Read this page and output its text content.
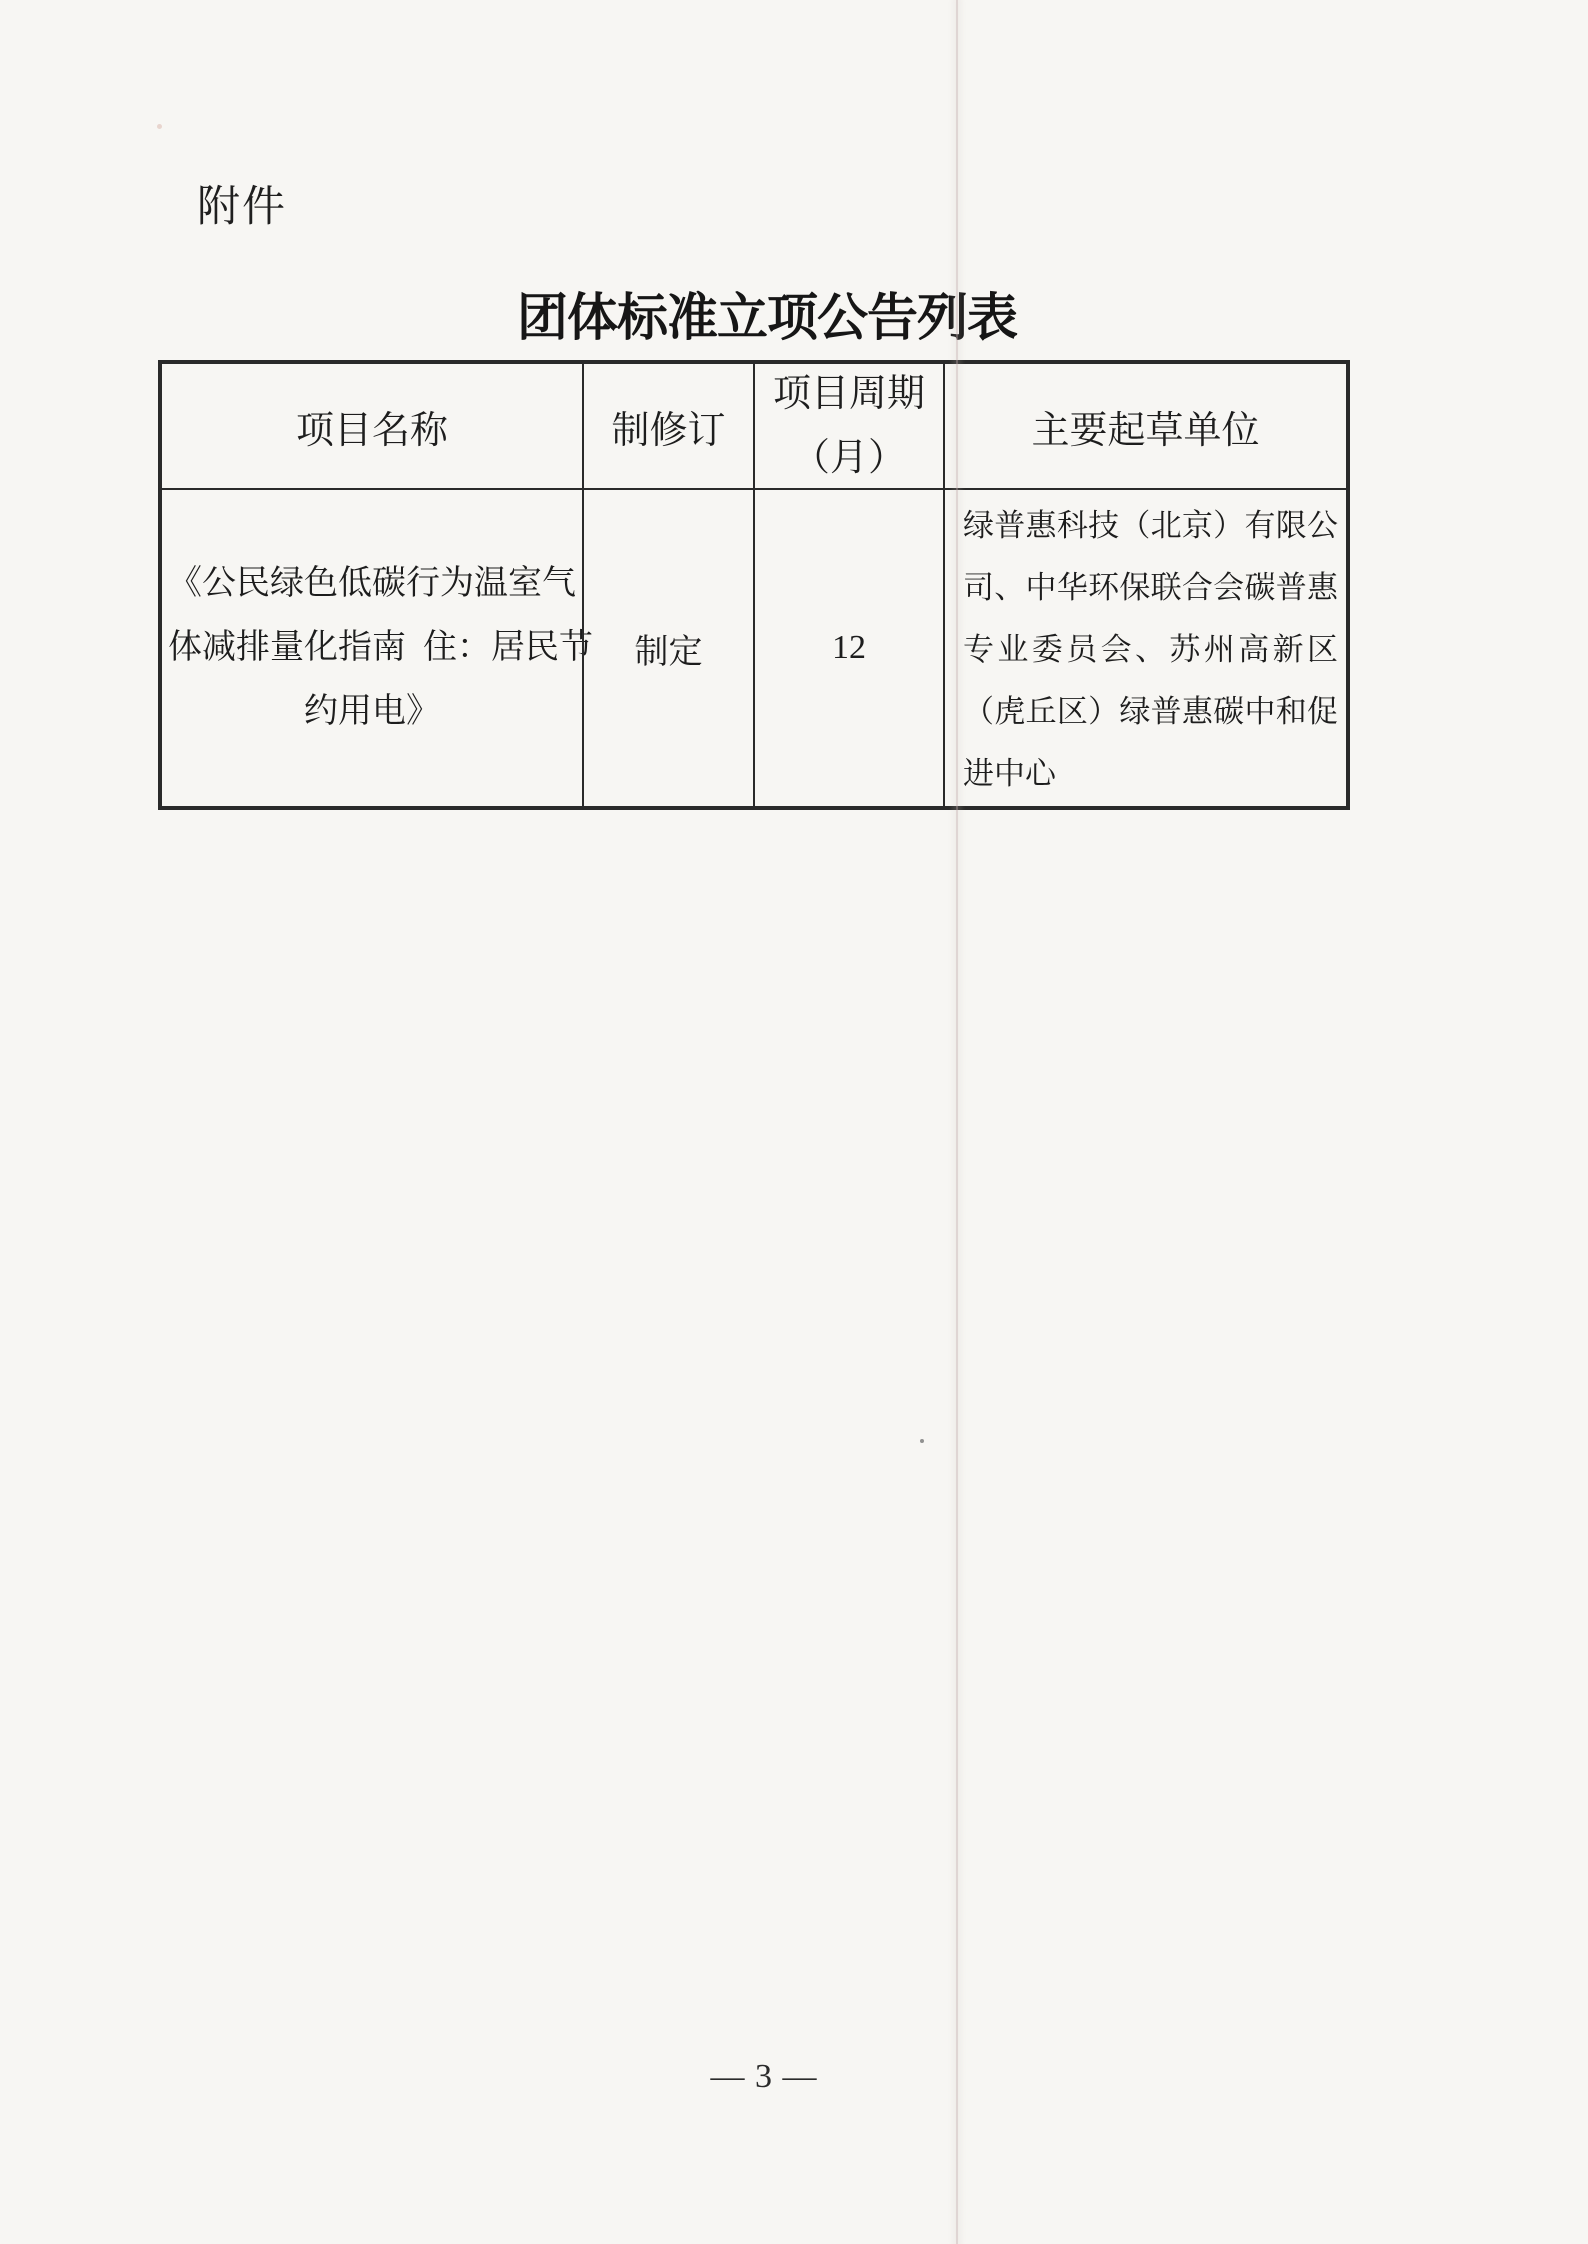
附件
团体标准立项公告列表
项目名称	制修订
项目周期
（月）
主要起草单位
《公民绿色低碳行为温室气
体减排量化指南  住：居民节
约用电》
制定	12
绿普惠科技（北京）有限公
司、中华环保联合会碳普惠
专业委员会、苏州高新区
（虎丘区）绿普惠碳中和促
进中心
— 3 —
